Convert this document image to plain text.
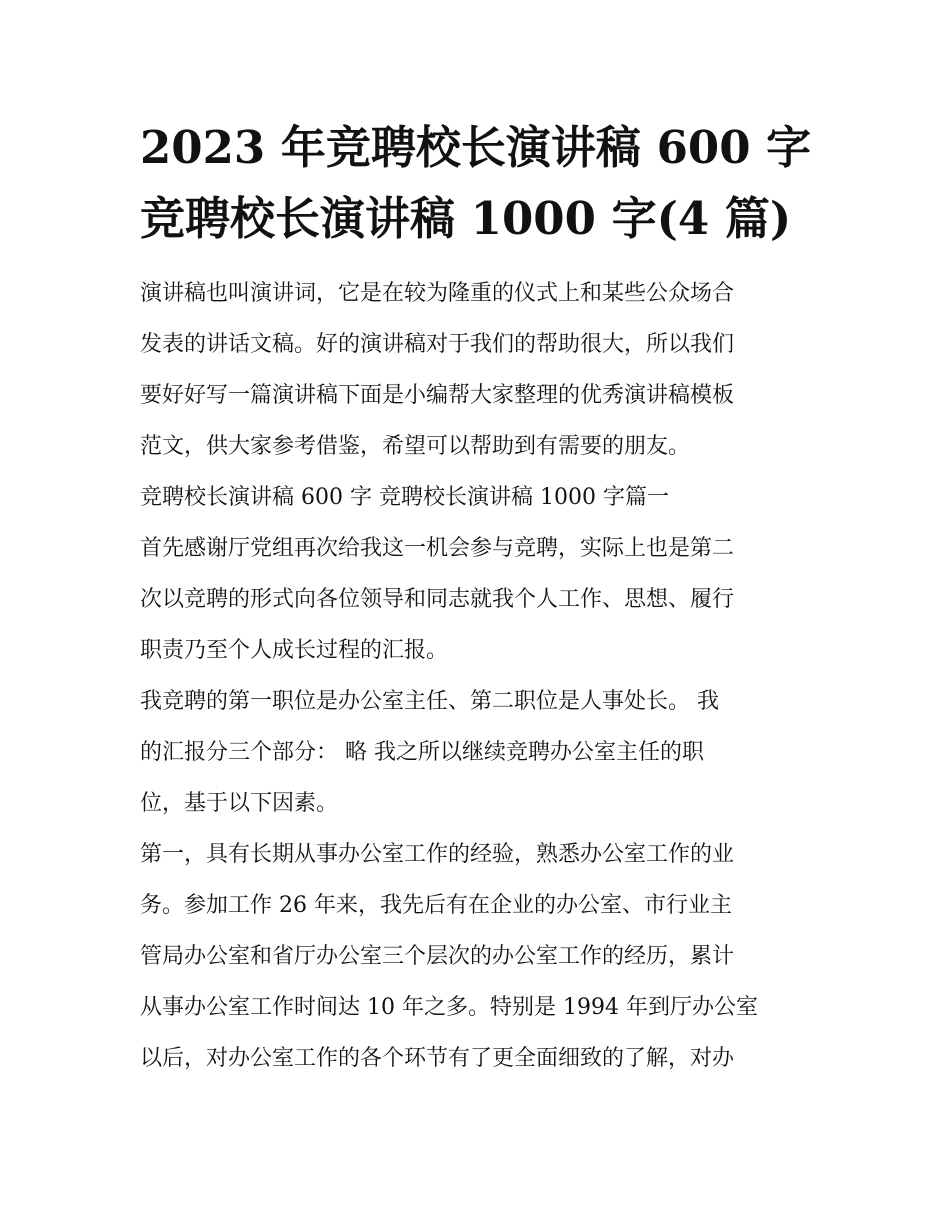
2023 年竞聘校长演讲稿 600 字
竞聘校长演讲稿 1000 字(4 篇)
演讲稿也叫演讲词，它是在较为隆重的仪式上和某些公众场合
发表的讲话文稿。好的演讲稿对于我们的帮助很大，所以我们
要好好写一篇演讲稿下面是小编帮大家整理的优秀演讲稿模板
范文，供大家参考借鉴，希望可以帮助到有需要的朋友。
竞聘校长演讲稿 600 字 竞聘校长演讲稿 1000 字篇一
首先感谢厅党组再次给我这一机会参与竞聘，实际上也是第二
次以竞聘的形式向各位领导和同志就我个人工作、思想、履行
职责乃至个人成长过程的汇报。
我竞聘的第一职位是办公室主任、第二职位是人事处长。 我
的汇报分三个部分： 略 我之所以继续竞聘办公室主任的职
位，基于以下因素。
第一，具有长期从事办公室工作的经验，熟悉办公室工作的业
务。参加工作 26 年来，我先后有在企业的办公室、市行业主
管局办公室和省厅办公室三个层次的办公室工作的经历，累计
从事办公室工作时间达 10 年之多。特别是 1994 年到厅办公室
以后，对办公室工作的各个环节有了更全面细致的了解，对办
